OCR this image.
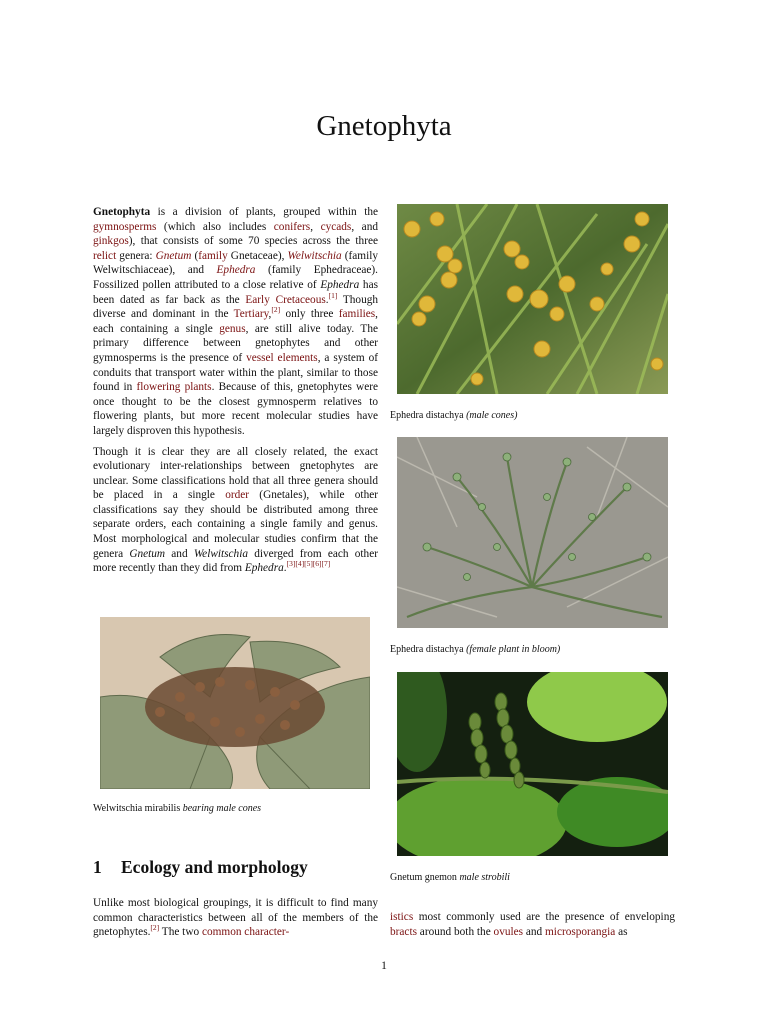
Gnetophyta

Gnetophyta is a division of plants, grouped within the gymnosperms (which also includes conifers, cycads, and ginkgos), that consists of some 70 species across the three relict genera: Gnetum (family Gnetaceae), Welwitschia (family Welwitschiaceae), and Ephedra (family Ephedraceae). Fossilized pollen attributed to a close relative of Ephedra has been dated as far back as the Early Cretaceous.[1] Though diverse and dominant in the Tertiary,[2] only three families, each containing a single genus, are still alive today. The primary difference between gnetophytes and other gymnosperms is the presence of vessel elements, a system of conduits that transport water within the plant, similar to those found in flowering plants. Because of this, gnetophytes were once thought to be the closest gymnosperm relatives to flowering plants, but more recent molecular studies have largely disproven this hypothesis.

Though it is clear they are all closely related, the exact evolutionary inter-relationships between gnetophytes are unclear. Some classifications hold that all three genera should be placed in a single order (Gnetales), while other classifications say they should be distributed among three separate orders, each containing a single family and genus. Most morphological and molecular studies confirm that the genera Gnetum and Welwitschia diverged from each other more recently than they did from Ephedra.[3][4][5][6][7]

Ephedra distachya (male cones)
Ephedra distachya (female plant in bloom)
Welwitschia mirabilis bearing male cones
Gnetum gnemon male strobili
1 Ecology and morphology

Unlike most biological groupings, it is difficult to find many common characteristics between all of the members of the gnetophytes.[2] The two common character-

istics most commonly used are the presence of enveloping bracts around both the ovules and microsporangia as

1
